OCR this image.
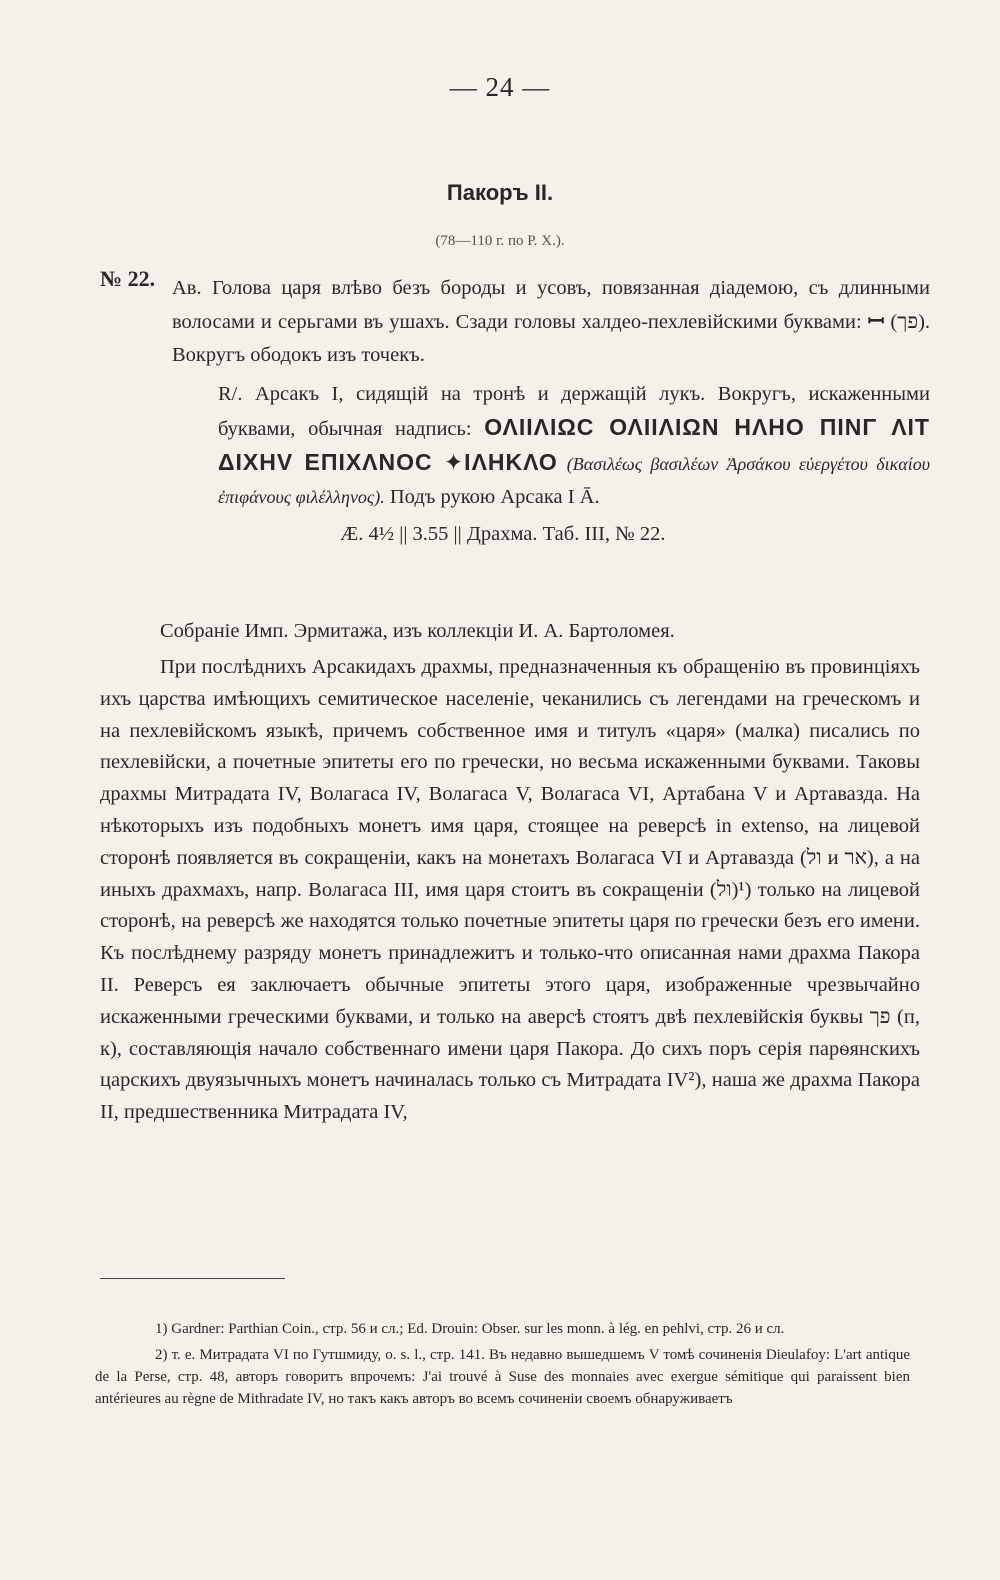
— 24 —
Пакоръ II.
(78—110 г. по Р. X.).
№ 22. Ав. Голова царя влѣво безъ бороды и усовъ, повязанная діадемою, съ длинными волосами и серьгами въ ушахъ. Сзади головы халдео-пехлевійскими буквами: ꟷ (פך). Вокругъ ободокъ изъ точекъ.
R/. Арсакъ I, сидящій на тронѣ и держащій лукъ. Вокругъ, искаженными буквами, обычная надпись: ΟΛΙΙΛΙΩC ΟΛΙΙΛΙΩΝ ΗΛΗΟ ΠΙΝΓ ΛΙΤ ΔΙΧΗV ΕΠΙΧΛΝΟC ✦ΙΛΗΚΛΟ (Βασιλέως βασιλέων Ἀρσάκου εὐεργέτου δικαίου ἐπιφάνους φιλέλληνος). Подъ рукою Арсака I Ā.
Æ. 4½ || 3.55 || Драхма. Таб. III, № 22.
Собраніе Имп. Эрмитажа, изъ коллекціи И. А. Бартоломея.

При послѣднихъ Арсакидахъ драхмы, предназначенныя къ обращенію въ провинціяхъ ихъ царства имѣющихъ семитическое населеніе, чеканились съ легендами на греческомъ и на пехлевійскомъ языкѣ, причемъ собственное имя и титулъ «царя» (малка) писались по пехлевійски, а почетные эпитеты его по гречески, но весьма искаженными буквами. Таковы драхмы Митрадата IV, Волагаса IV, Волагаса V, Волагаса VI, Артабана V и Артавазда. На нѣкоторыхъ изъ подобныхъ монетъ имя царя, стоящее на реверсѣ in extenso, на лицевой сторонѣ появляется въ сокращеніи, какъ на монетахъ Волагаса VI и Артавазда (ול и אר), а на иныхъ драхмахъ, напр. Волагаса III, имя царя стоитъ въ сокращеніи (ול)¹) только на лицевой сторонѣ, на реверсѣ же находятся только почетные эпитеты царя по гречески безъ его имени. Къ послѣднему разряду монетъ принадлежитъ и только-что описанная нами драхма Пакора II. Реверсъ ея заключаетъ обычные эпитеты этого царя, изображенные чрезвычайно искаженными греческими буквами, и только на аверсѣ стоятъ двѣ пехлевійскія буквы פך (п, к), составляющія начало собственнаго имени царя Пакора. До сихъ поръ серія парѳянскихъ царскихъ двуязычныхъ монетъ начиналась только съ Митрадата IV²), наша же драхма Пакора II, предшественника Митрадата IV,

1) Gardner: Parthian Coin., стр. 56 и сл.; Ed. Drouin: Obser. sur les monn. à lég. en pehlvi, стр. 26 и сл.

2) т. е. Митрадата VI по Гутшмиду, о. s. l., стр. 141. Въ недавно вышедшемъ V томѣ сочиненія Dieulafoy: L'art antique de la Perse, стр. 48, авторъ говоритъ впрочемъ: J'ai trouvé à Suse des monnaies avec exergue sémitique qui paraissent bien antérieures au règne de Mithradate IV, но такъ какъ авторъ во всемъ сочиненіи своемъ обнаруживаетъ
